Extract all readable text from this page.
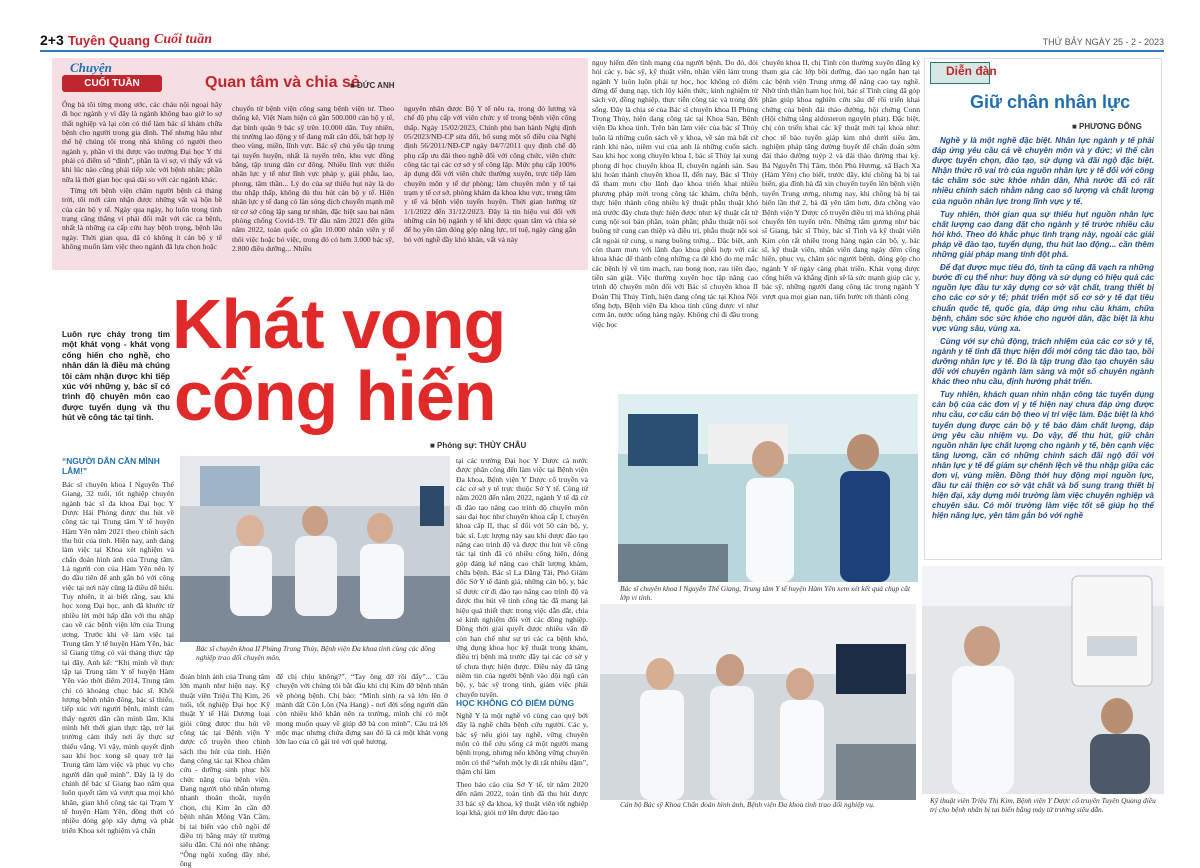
2+3 Tuyên Quang Cuối tuần	THỨ BẢY NGÀY 25 - 2 - 2023
Chuyện
CUỐI TUẦN	Quan tâm và chia sẻ
■ ĐỨC ANH

Ông bà tôi từng mong ước, các cháu nội ngoại hãy đi học ngành y vì đây là ngành không bao giờ lo sợ thất nghiệp và lại còn có thể làm bác sĩ khám chữa bệnh cho người trong gia đình. Thế nhưng hầu như thế hệ chúng tôi trong nhà không có người theo ngành y, phần vì thi được vào trường Đại học Y thì phải có điểm số “đỉnh”, phần là vì sợ, vì thấy vất vả khi lúc nào cũng phải tiếp xúc với bệnh nhân; phần nữa là thời gian học quá dài so với các ngành khác.

Từng tới bệnh viện chăm người bệnh cả tháng trời, tôi mới cảm nhận được những vất vả bộn bề của cán bộ y tế. Ngày qua ngày, họ luôn trong tình trạng căng thẳng vì phải đối mặt với các ca bệnh, nhất là những ca cấp cứu hay bệnh trọng, bệnh lâu ngày. Thời gian qua, đã có không ít cán bộ y tế không muốn làm việc theo ngành đã lựa chọn hoặc

chuyển từ bệnh viện công sang bệnh viện tư. Theo thống kê, Việt Nam hiện có gần 500.000 cán bộ y tế, đạt bình quân 9 bác sỹ trên 10.000 dân. Tuy nhiên, thị trường lao động y tế đang mất cân đối, bất hợp lý theo vùng, miền, lĩnh vực. Bác sỹ chủ yếu tập trung tại tuyến huyện, nhất là tuyến trên, khu vực đồng bằng, tập trung dân cư đông. Nhiều lĩnh vực thiếu nhân lực y tế như lĩnh vực pháp y, giải phẫu, lao, phong, tâm thần... Lý do của sự thiếu hụt này là do thu nhập thấp, không đủ thu hút cán bộ y tế. Hiện nhân lực y tế đang có làn sóng dịch chuyển mạnh mẽ từ cơ sở công lập sang tư nhân, đặc biệt sau hai năm phòng chống Covid-19. Từ đầu năm 2021 đến giữa năm 2022, toàn quốc có gần 10.000 nhân viên y tế thôi việc hoặc bỏ việc, trong đó có hơn 3.000 bác sỹ, 2.800 điều dưỡng... Nhiều
nguyên nhân được Bộ Y tế nêu ra, trong đó lương và chế độ phụ cấp với viên chức y tế trong bệnh viện công thấp. Ngày 15/02/2023, Chính phủ ban hành Nghị định 05/2023/NĐ-CP sửa đổi, bổ sung một số điều của Nghị định 56/2011/NĐ-CP ngày 04/7/2011 quy định chế độ phụ cấp ưu đãi theo nghề đối với công chức, viên chức công tác tại các cơ sở y tế công lập. Mức phụ cấp 100% áp dụng đối với viên chức thường xuyên, trực tiếp làm chuyên môn y tế dự phòng; làm chuyên môn y tế tại trạm y tế cơ sở, phòng khám đa khoa khu vực, trung tâm y tế và bệnh viện tuyến huyện. Thời gian hưởng từ 1/1/2022 đến 31/12/2023. Đây là tin hiệu vui đối với những cán bộ ngành y tế khi được quan tâm và chia sẻ để họ yên tâm đóng góp năng lực, trí tuệ, ngày càng gắn bó với nghề đầy khó khăn, vất vả này
Khát vọng
cống hiến
Luôn rực cháy trong tim một khát vọng - khát vọng cống hiến cho nghề, cho nhân dân là điều mà chúng tôi cảm nhận được khi tiếp xúc với những y, bác sĩ có trình độ chuyên môn cao được tuyển dụng và thu hút về công tác tại tỉnh.
■ Phóng sự: THỦY CHÂU
“NGƯỜI DÂN CẦN MÌNH LẮM!”
Bác sĩ chuyên khoa I Nguyễn Thế Giang, 32 tuổi, tốt nghiệp chuyên ngành bác sĩ đa khoa Đại học Y Dược Hải Phòng được thu hút về công tác tại Trung tâm Y tế huyện Hàm Yên năm 2021 theo chính sách thu hút của tỉnh. Hiện nay, anh đang làm việc tại Khoa xét nghiệm và chẩn đoán hình ảnh của Trung tâm. Là người con của Hàm Yên nên lý do đầu tiên để anh gắn bó với công việc tại nơi này cũng là điều dễ hiểu. Tuy nhiên, ít ai biết rằng, sau khi học xong Đại học, anh đã khước từ nhiều lời mời hấp dẫn với thu nhập cao về các bệnh viện lớn của Trung ương. Trước khi về làm việc tại Trung tâm Y tế huyện Hàm Yên, bác sĩ Giang từng có vài tháng thực tập tại đây. Anh kể: “Khi mình về thực tập tại Trung tâm Y tế huyện Hàm Yên vào thời điểm 2014, Trung tâm chỉ có khoảng chục bác sĩ. Khối lượng bệnh nhân đông, bác sĩ thiếu, tiếp xúc với người bệnh, mình cảm thấy người dân cần mình lắm. Khi mình hết thời gian thực tập, trở lại trường cảm thấy nơi ấy thực sự thiếu vắng. Vì vậy, mình quyết định sau khi học xong sẽ quay trở lại Trung tâm làm việc và phục vụ cho người dân quê mình”. Đây là lý do chính để bác sĩ Giang bao năm qua luôn quyết tâm và vượt qua mọi khó khăn, gian khổ công tác tại Trạm Y tế huyện Hàm Yên, đồng thời có nhiều đóng góp xây dựng và phát triển Khoa xét nghiệm và chẩn
Bác sĩ chuyên khoa II Phùng Trọng Thủy, Bệnh viện Đa khoa tỉnh cùng các đồng nghiệp trao đổi chuyên môn.
đoán hình ảnh của Trung tâm lớn mạnh như hiện nay. Kỹ thuật viên Triệu Thị Kim, 26 tuổi, tốt nghiệp Đại học Kỹ thuật Y tế Hải Dương loại giỏi cũng được thu hút về công tác tại Bệnh viện Y dược cổ truyền theo chính sách thu hút của tỉnh. Hiện đang công tác tại Khoa chăm cứu - dưỡng sinh phục hồi chức năng của bệnh viện. Đang người nhỏ nhắn nhưng nhanh thoăn thoắt, tuyển chọn, chị Kim ân cần đỡ bệnh nhân Mông Văn Cầm, bị tai biến vào chỗ ngồi để điều trị bằng máy từ trường siêu dẫn. Chị nói nhẹ nhàng: “Ông ngồi xuống đây nhé, ông
để chị chịu không?”. “Tay ông đỡ rồi đấy”... Câu chuyện với chúng tôi bắt đầu khi chị Kim đỡ bệnh nhân về phòng bệnh. Chị bảo: “Mình sinh ra và lớn lên ở mảnh đất Côn Lôn (Na Hang) - nơi đời sống người dân còn nhiều khó khăn nên ra trường, mình chỉ có một mong muốn quay về giúp đỡ bà con mình”. Câu trả lời mộc mạc nhưng chứa đựng sau đó là cả một khát vọng lớn lao của cô gái trẻ với quê hương.
tại các trường Đại học Y Dược cả nước được phân công đến làm việc tại Bệnh viện Đa khoa, Bệnh viện Y Dược cổ truyền và các cơ sở y tế trực thuộc Sở Y tế. Cùng từ năm 2020 đến năm 2022, ngành Y tế đã cử đi đào tạo nâng cao trình độ chuyên môn sau đại học như chuyên khoa cấp I, chuyên khoa cấp II, thạc sĩ đối với 50 cán bộ, y, bác sĩ. Lực lượng này sau khi được đào tạo nâng cao trình độ và được thu hút về công tác tại tỉnh đã có nhiều cống hiến, đóng góp đáng kể nâng cao chất lượng khám, chữa bệnh. Bác sĩ La Đăng Tài, Phó Giám đốc Sở Y tế đánh giá, những cán bộ, y, bác sĩ được cử đi đào tạo nâng cao trình độ và được thu hút về tỉnh công tác đã mang lại hiệu quả thiết thực trong việc dẫn dắt, chia sẻ kinh nghiệm đối với các đồng nghiệp. Đồng thời giải quyết được nhiều vấn đề còn hạn chế như sự trì các ca bệnh khó, ứng dụng khoa học kỹ thuật trong khám, điều trị bệnh mà trước đây tại các cơ sở y tế chưa thực hiện được. Điều này đã tăng niềm tin của người bệnh vào đội ngũ cán bộ, y, bác sỹ trong tỉnh, giảm việc phải chuyển tuyến.
HỌC KHÔNG CÓ ĐIỂM DỪNG
Nghề Y là một nghề vô cùng cao quý bởi đây là nghề chữa bệnh cứu người. Các y, bác sỹ nếu giỏi tay nghề, vững chuyên môn có thể cứu sống cả một người mang bệnh trọng, nhưng nếu không vững chuyên môn có thể “sểnh một ly đi rất nhiều dặm”, thậm chí làm
Theo báo cáo của Sở Y tế, từ năm 2020 đến năm 2022, toàn tỉnh đã thu hút được 33 bác sỹ đa khoa, kỹ thuật viên tốt nghiệp loại khá, giỏi trở lên được đào tạo
nguy hiểm đến tính mạng của người bệnh. Do đó, đòi hỏi các y, bác sỹ, kỹ thuật viên, nhân viên làm trong ngành Y luôn luôn phải tự học, học không có điểm dừng để dung nạp, tích lũy kiến thức, kinh nghiệm từ sách vở, đồng nghiệp, thực tiễn công tác và trong đời sống. Đây là chia sẻ của Bác sĩ chuyên khoa II Phùng Trọng Thủy, hiện đang công tác tại Khoa Sản, Bệnh viện Đa khoa tỉnh. Trên bàn làm việc của bác sĩ Thủy luôn là những cuốn sách về y khoa, về sản mà bất cứ rảnh khi nào, niềm vui của anh là những cuốn sách. Sau khi học xong chuyên khoa I, bác sĩ Thủy lại xung phong đi học chuyên khoa II, chuyên ngành sản. Sau khi hoàn thành chuyên khoa II, đến nay, Bác sĩ Thủy đã tham mưu cho lãnh đạo khoa triển khai nhiều phương pháp mới trong công tác khám, chữa bệnh, thực hiện thành công nhiều kỹ thuật phẫu thuật khó mà trước đây chưa thực hiện được như: kỹ thuật cắt tử cung nội soi bán phần, toàn phần; phẫu thuật nội soi buồng tử cung can thiệp và điều trị, phẫu thuật nội soi cắt ngoài tử cung, u nang buồng trứng... Đặc biệt, anh còn tham mưu với lãnh đạo khoa phối hợp với các khoa khác để thành công những ca đẻ khó do mẹ mắc các bệnh lý về tim mạch, rau bong non, rau tiền đạo, tiền sản giật. Việc thường xuyên học tập nâng cao trình độ chuyên môn đối với Bác sĩ chuyên khoa II Đoàn Thị Thúy Tình, hiện đang công tác tại Khoa Nội tổng hợp, Bệnh viện Đa khoa tỉnh cũng được ví như cơm ăn, nước uống hàng ngày. Không chỉ đi đầu trong việc học
chuyên khoa II, chị Tình còn thường xuyên đăng ký tham gia các lớp bồi dưỡng, đào tạo ngắn hạn tại các bệnh viện Trung ương để nâng cao tay nghề. Nhờ tính thần ham học hỏi, bác sĩ Tình cùng đã góp phần giúp khoa nghiên cứu sâu để rồi triển khai chứng của bệnh đái tháo đường, hội chứng Conn (Hội chứng tăng aldosteron nguyên phát). Đặc biệt, chị còn triển khai các kỹ thuật mới tại khoa như: chọc tế bào tuyến giáp kim nhỏ dưới siêu âm, nghiệm pháp tăng đường huyết để chẩn đoán sớm đái tháo đường tuýp 2 và đái tháo đường thai kỳ. Bà Nguyễn Thị Tâm, thôn Phù Hương, xã Bạch Xa (Hàm Yên) cho biết, trước đây, khi chồng bà bị tai biến, gia đình bà đã xin chuyển tuyến lên bệnh viện tuyến Trung ương, nhưng nay, khi chồng bà bị tai biến lần thứ 2, bà đã yên tâm hơn, đưa chồng vào Bệnh viện Y Dược cổ truyền điều trị mà không phải chuyển lên tuyến trên. Những tấm gương như bác sĩ Giang, bác sĩ Thủy, bác sĩ Tình và kỹ thuật viên Kim còn rất nhiều trong hàng ngàn cán bộ, y, bác sĩ, kỹ thuật viên, nhân viên đang ngày đêm cống hiến, phục vụ, chăm sóc người bệnh, đóng góp cho ngành Y tế ngày càng phát triển. Khát vọng được cống hiến và khẳng định sẽ là sức mạnh giúp các y, bác sỹ, những người đang công tác trong ngành Y vượt qua mọi gian nan, tiến bước tới thành công
Bác sĩ chuyên khoa I Nguyễn Thế Giang, Trung tâm Y tế huyện Hàm Yên xem xét kết quả chụp cắt lớp vi tính.
Cán bộ Bác sỹ Khoa Chẩn đoán hình ảnh, Bệnh viện Đa khoa tỉnh trao đổi nghiệp vụ.
Diễn đàn
Giữ chân nhân lực
■ PHƯƠNG ĐÔNG

Nghề y là một nghề đặc biệt. Nhân lực ngành y tế phải đáp ứng yêu cầu cả về chuyên môn và y đức; vì thế cần được tuyển chọn, đào tạo, sử dụng và đãi ngộ đặc biệt. Nhận thức rõ vai trò của nguồn nhân lực y tế đối với công tác chăm sóc sức khỏe nhân dân, Nhà nước đã có rất nhiều chính sách nhằm nâng cao số lượng và chất lượng của nguồn nhân lực trong lĩnh vực y tế.

Tuy nhiên, thời gian qua sự thiếu hụt nguồn nhân lực chất lượng cao đang đặt cho ngành y tế trước nhiều câu hỏi khó. Theo đó khắc phục tình trạng này, ngoài các giải pháp về đào tạo, tuyển dụng, thu hút lao động... cần thêm những giải pháp mang tính đột phá.

Để đạt được mục tiêu đó, tỉnh ta cũng đã vạch ra những bước đi cụ thể như: huy động và sử dụng có hiệu quả các nguồn lực đầu tư xây dựng cơ sở vật chất, trang thiết bị cho các cơ sở y tế; phát triển một số cơ sở y tế đạt tiêu chuẩn quốc tế, quốc gia, đáp ứng nhu cầu khám, chữa bệnh, chăm sóc sức khỏe cho người dân, đặc biệt là khu vực vùng sâu, vùng xa.

Cùng với sự chủ động, trách nhiệm của các cơ sở y tế, ngành y tế tỉnh đã thực hiện đổi mới công tác đào tạo, bồi dưỡng nhân lực y tế. Đó là tập trung đào tạo chuyên sâu đối với chuyên ngành làm sàng và một số chuyên ngành khác theo nhu cầu, định hướng phát triển.

Tuy nhiên, khách quan nhìn nhận công tác tuyển dụng cán bộ của các đơn vị y tế hiện nay chưa đáp ứng được nhu cầu, cơ cấu cán bộ theo vị trí việc làm. Đặc biệt là khó tuyển dụng được cán bộ y tế bảo đảm chất lượng, đáp ứng yêu cầu nhiệm vụ. Do vậy, để thu hút, giữ chân nguồn nhân lực chất lượng cho ngành y tế, bên cạnh việc tăng lương, cần có những chính sách đãi ngộ đối với nhân lực y tế để giảm sự chênh lệch về thu nhập giữa các đơn vị, vùng miền. Đồng thời huy động mọi nguồn lực, đầu tư cải thiện cơ sở vật chất và bổ sung trang thiết bị hiện đại, xây dựng môi trường làm việc chuyên nghiệp và chuyên sâu. Có môi trường làm việc tốt sẽ giúp họ thể hiện năng lực, yên tâm gắn bó với nghề

Kỹ thuật viên Triệu Thị Kim, Bệnh viện Y Dược cổ truyền Tuyên Quang điều trị cho bệnh nhân bị tai biến bằng máy từ trường siêu dẫn.
